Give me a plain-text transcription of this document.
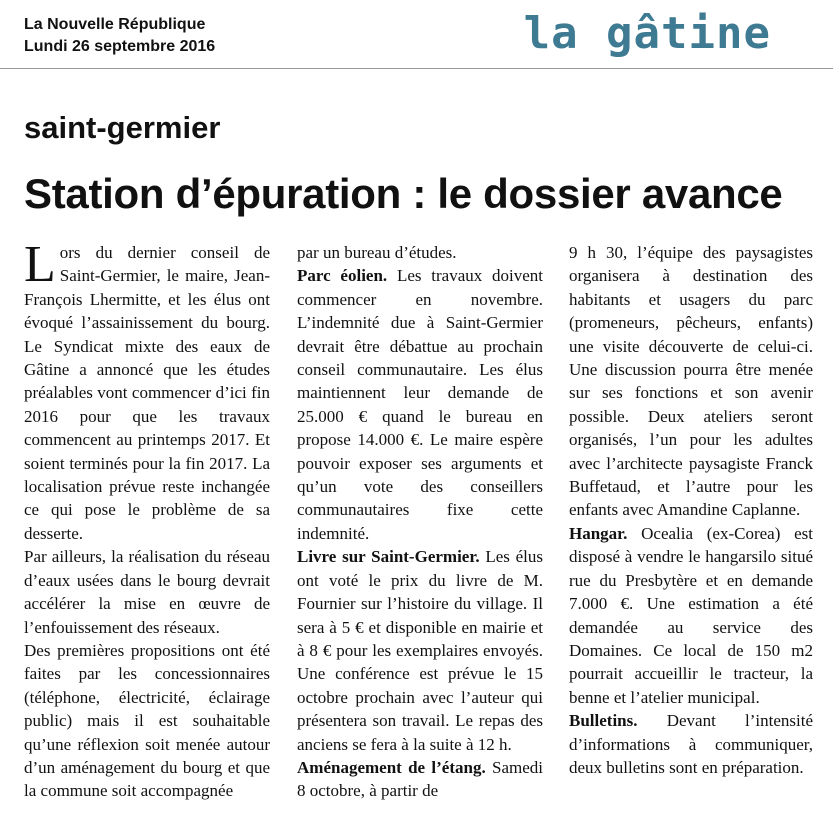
La Nouvelle République
Lundi 26 septembre 2016	la gâtine
saint-germier
Station d’épuration : le dossier avance

Lors du dernier conseil de Saint-Germier, le maire, Jean-François Lhermitte, et les élus ont évoqué l’assainissement du bourg. Le Syndicat mixte des eaux de Gâtine a annoncé que les études préalables vont commencer d’ici fin 2016 pour que les travaux commencent au printemps 2017. Et soient terminés pour la fin 2017. La localisation prévue reste inchangée ce qui pose le problème de sa desserte.

Par ailleurs, la réalisation du réseau d’eaux usées dans le bourg devrait accélérer la mise en œuvre de l’enfouissement des réseaux.

Des premières propositions ont été faites par les concessionnaires (téléphone, électricité, éclairage public) mais il est souhaitable qu’une réflexion soit menée autour d’un aménagement du bourg et que la commune soit accompagnée

par un bureau d’études.

Parc éolien. Les travaux doivent commencer en novembre. L’indemnité due à Saint-Germier devrait être débattue au prochain conseil communautaire. Les élus maintiennent leur demande de 25.000 € quand le bureau en propose 14.000 €. Le maire espère pouvoir exposer ses arguments et qu’un vote des conseillers communautaires fixe cette indemnité.

Livre sur Saint-Germier. Les élus ont voté le prix du livre de M. Fournier sur l’histoire du village. Il sera à 5 € et disponible en mairie et à 8 € pour les exemplaires envoyés. Une conférence est prévue le 15 octobre prochain avec l’auteur qui présentera son travail. Le repas des anciens se fera à la suite à 12 h.

Aménagement de l’étang. Samedi 8 octobre, à partir de

9 h 30, l’équipe des paysagistes organisera à destination des habitants et usagers du parc (promeneurs, pêcheurs, enfants) une visite découverte de celui-ci. Une discussion pourra être menée sur ses fonctions et son avenir possible. Deux ateliers seront organisés, l’un pour les adultes avec l’architecte paysagiste Franck Buffetaud, et l’autre pour les enfants avec Amandine Caplanne.

Hangar. Ocealia (ex-Corea) est disposé à vendre le hangarsilo situé rue du Presbytère et en demande 7.000 €. Une estimation a été demandée au service des Domaines. Ce local de 150 m2 pourrait accueillir le tracteur, la benne et l’atelier municipal.

Bulletins. Devant l’intensité d’informations à communiquer, deux bulletins sont en préparation.
